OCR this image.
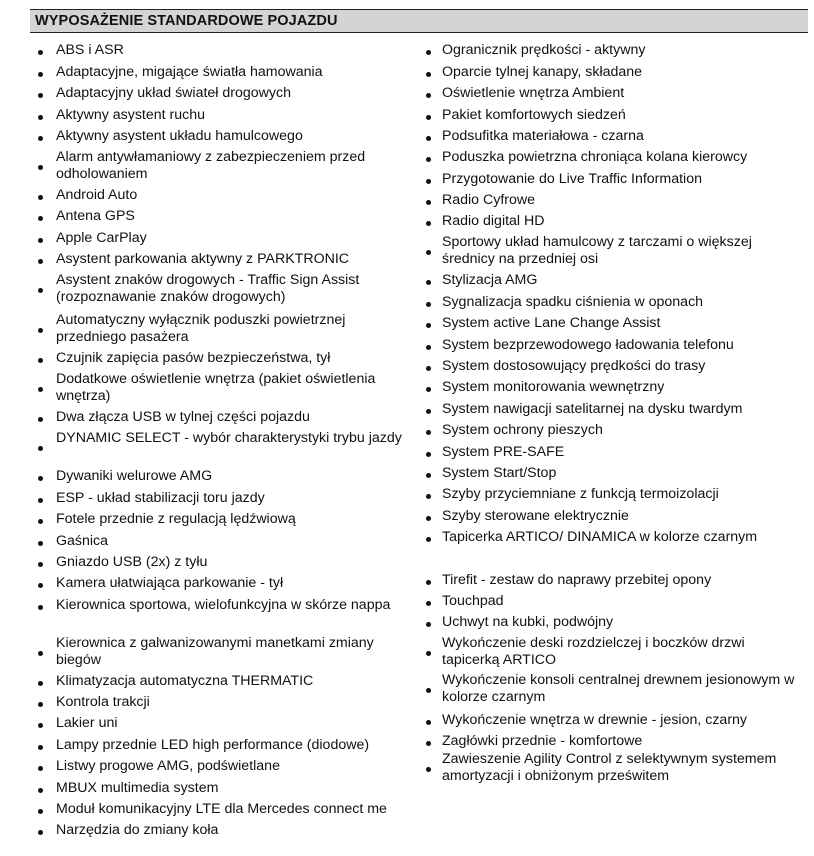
WYPOSAŻENIE STANDARDOWE POJAZDU
ABS i ASR
Adaptacyjne, migające światła hamowania
Adaptacyjny układ świateł drogowych
Aktywny asystent ruchu
Aktywny asystent układu hamulcowego
Alarm antywłamaniowy z zabezpieczeniem przed odholowaniem
Android Auto
Antena GPS
Apple CarPlay
Asystent parkowania aktywny z PARKTRONIC
Asystent znaków drogowych - Traffic Sign Assist (rozpoznawanie znaków drogowych)
Automatyczny wyłącznik poduszki powietrznej przedniego pasażera
Czujnik zapięcia pasów bezpieczeństwa, tył
Dodatkowe oświetlenie wnętrza (pakiet oświetlenia wnętrza)
Dwa złącza USB w tylnej części pojazdu
DYNAMIC SELECT - wybór charakterystyki trybu jazdy
Dywaniki welurowe AMG
ESP - układ stabilizacji toru jazdy
Fotele przednie z regulacją lędźwiową
Gaśnica
Gniazdo USB (2x) z tyłu
Kamera ułatwiająca parkowanie - tył
Kierownica sportowa, wielofunkcyjna w skórze nappa
Kierownica z galwanizowanymi manetkami zmiany biegów
Klimatyzacja automatyczna THERMATIC
Kontrola trakcji
Lakier uni
Lampy przednie LED high performance (diodowe)
Listwy progowe AMG, podświetlane
MBUX multimedia system
Moduł komunikacyjny LTE dla Mercedes connect me
Narzędzia do zmiany koła
Ogranicznik prędkości - aktywny
Oparcie tylnej kanapy, składane
Oświetlenie wnętrza Ambient
Pakiet komfortowych siedzeń
Podsufitka materiałowa - czarna
Poduszka powietrzna chroniąca kolana kierowcy
Przygotowanie do Live Traffic Information
Radio Cyfrowe
Radio digital HD
Sportowy układ hamulcowy z tarczami o większej średnicy na przedniej osi
Stylizacja AMG
Sygnalizacja spadku ciśnienia w oponach
System active Lane Change Assist
System bezprzewodowego ładowania telefonu
System dostosowujący prędkości do trasy
System monitorowania wewnętrzny
System nawigacji satelitarnej na dysku twardym
System ochrony pieszych
System PRE-SAFE
System Start/Stop
Szyby przyciemniane z funkcją termoizolacji
Szyby sterowane elektrycznie
Tapicerka ARTICO/ DINAMICA w kolorze czarnym
Tirefit - zestaw do naprawy przebitej opony
Touchpad
Uchwyt na kubki, podwójny
Wykończenie deski rozdzielczej i boczków drzwi tapicerką ARTICO
Wykończenie konsoli centralnej drewnem jesionowym w kolorze czarnym
Wykończenie wnętrza w drewnie - jesion, czarny
Zagłówki przednie - komfortowe
Zawieszenie Agility Control z selektywnym systemem amortyzacji i obniżonym prześwitem
